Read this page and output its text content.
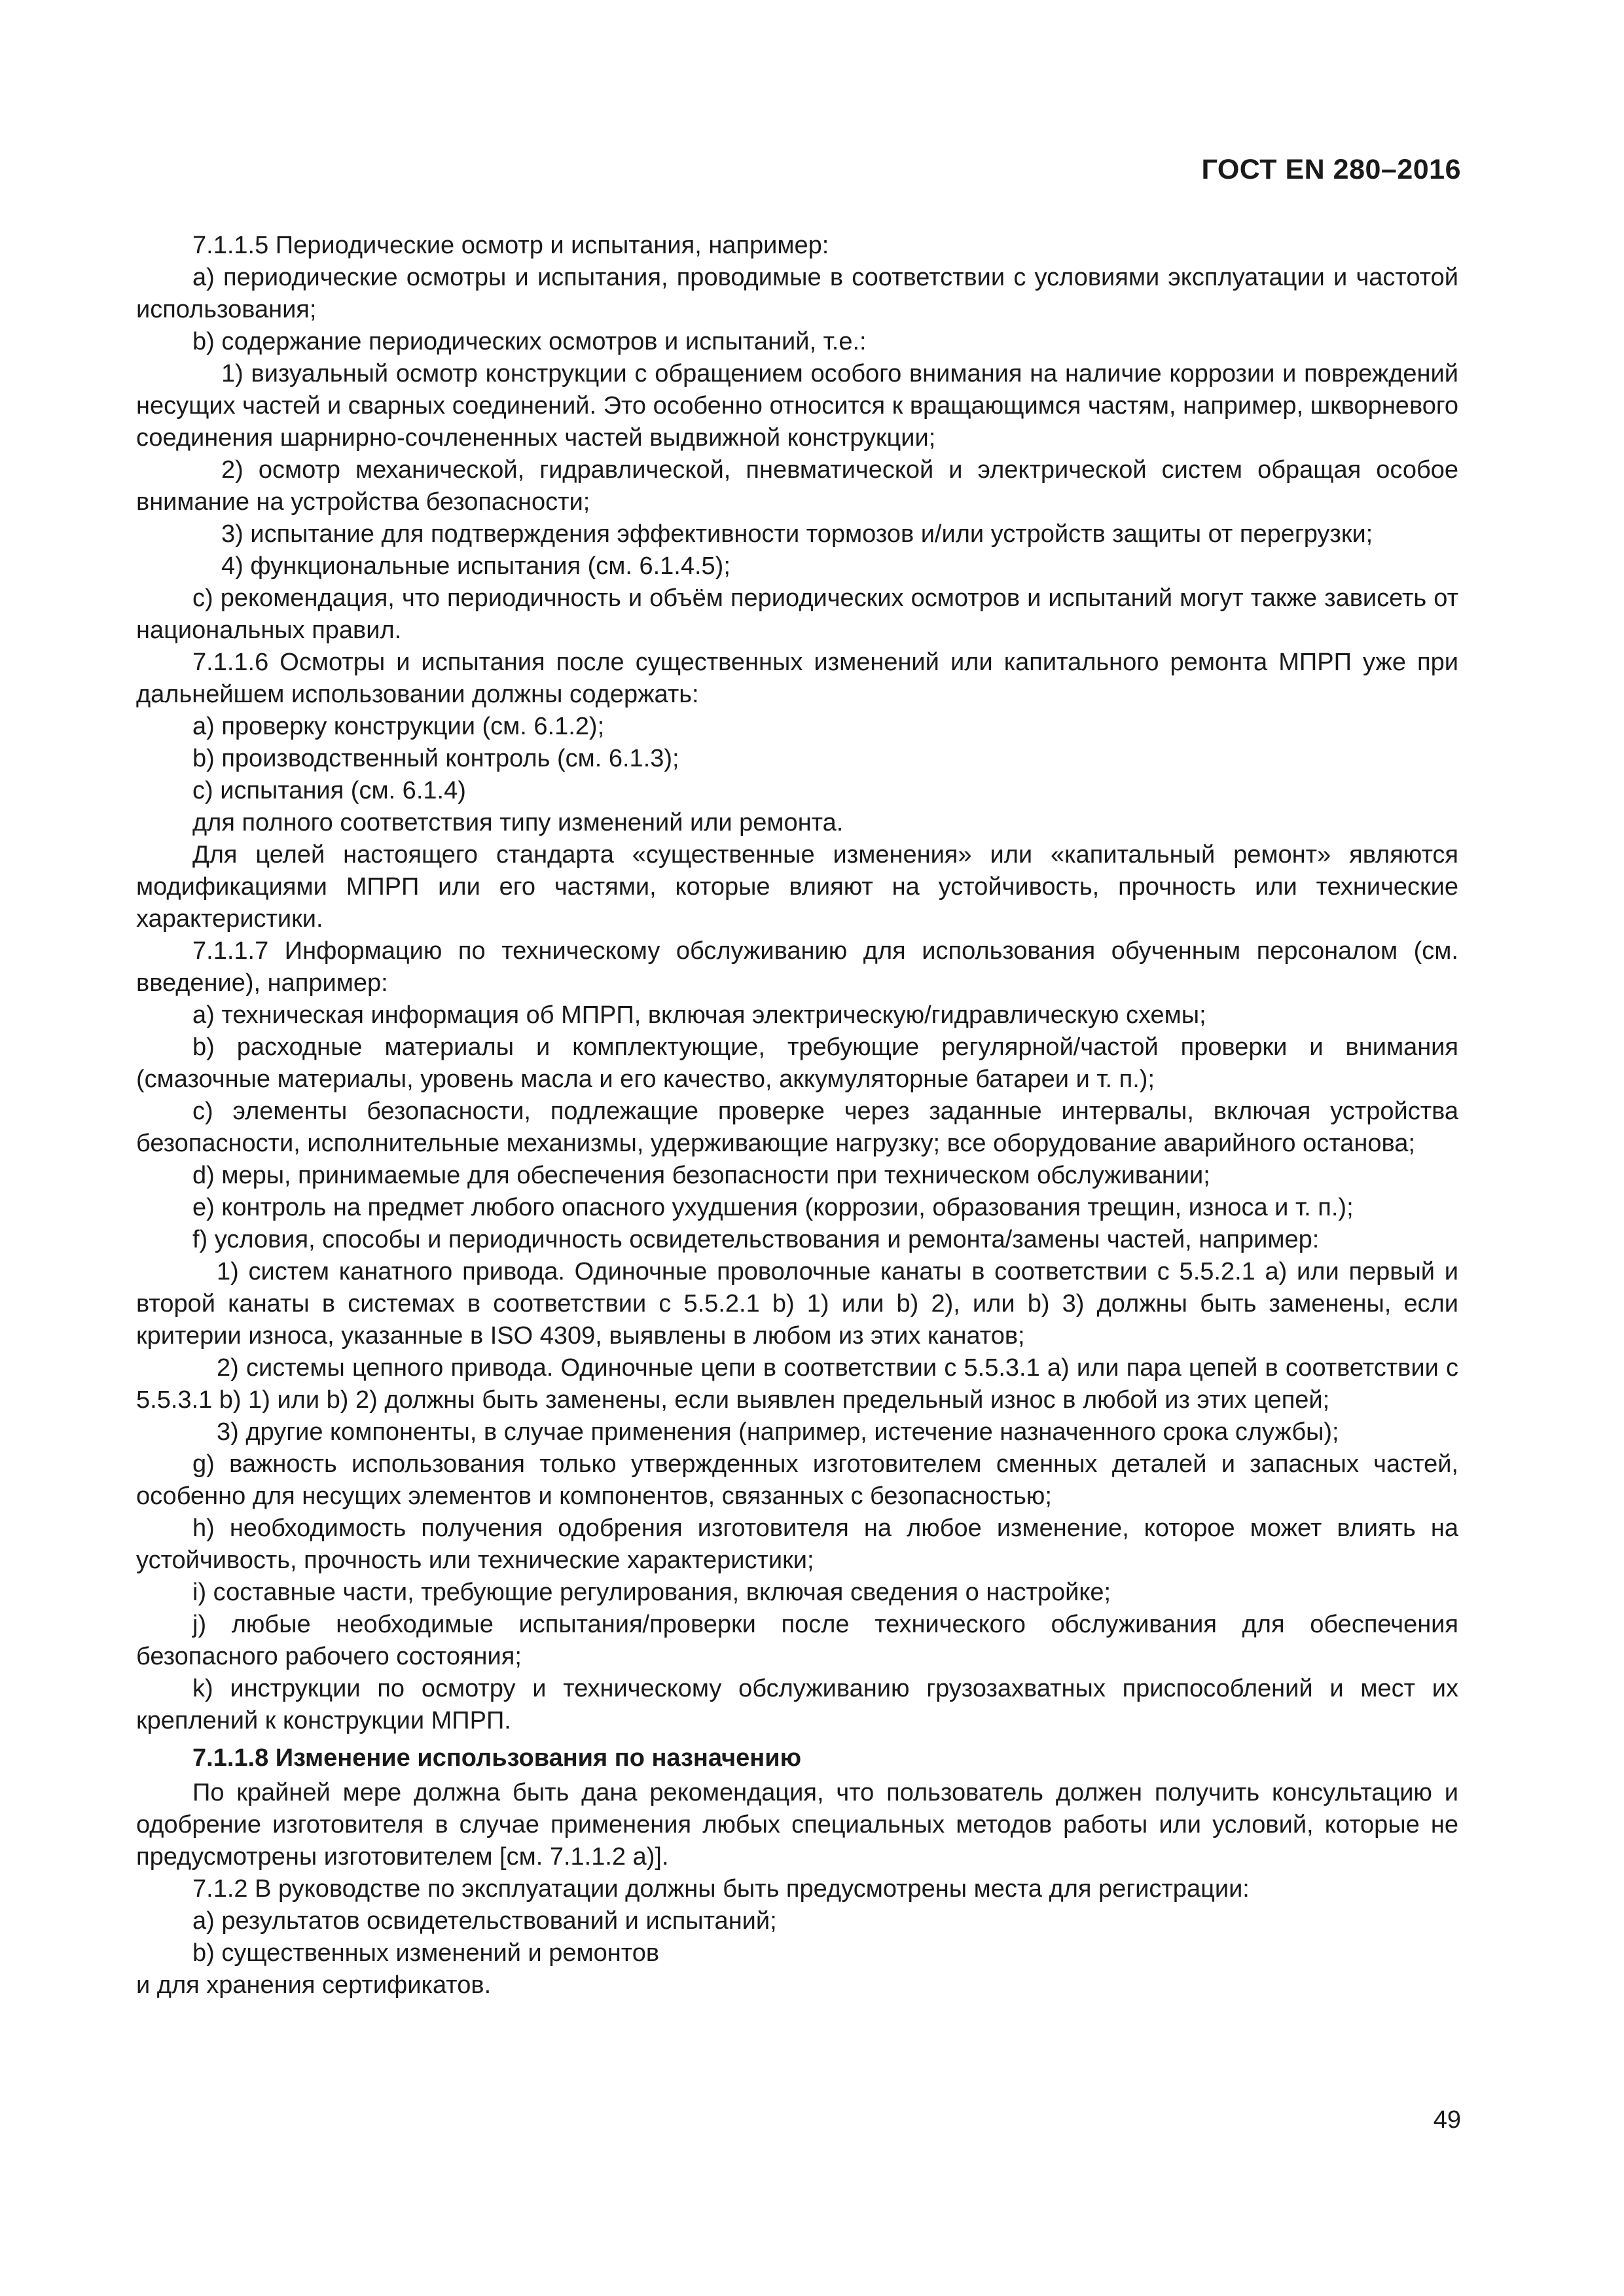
ГОСТ EN 280–2016

7.1.1.5 Периодические осмотр и испытания, например:

а) периодические осмотры и испытания, проводимые в соответствии с условиями эксплуатации и частотой использования;

b) содержание периодических осмотров и испытаний, т.е.:

1) визуальный осмотр конструкции с обращением особого внимания на наличие коррозии и повреждений несущих частей и сварных соединений. Это особенно относится к вращающимся частям, например, шкворневого соединения шарнирно-сочлененных частей выдвижной конструкции;

2) осмотр механической, гидравлической, пневматической и электрической систем обращая особое внимание на устройства безопасности;

3) испытание для подтверждения эффективности тормозов и/или устройств защиты от перегрузки;

4) функциональные испытания (см. 6.1.4.5);

с) рекомендация, что периодичность и объём периодических осмотров и испытаний могут также зависеть от национальных правил.

7.1.1.6 Осмотры и испытания после существенных изменений или капитального ремонта МПРП уже при дальнейшем использовании должны содержать:

а) проверку конструкции (см. 6.1.2);

b) производственный контроль (см. 6.1.3);

c) испытания (см. 6.1.4)

для полного соответствия типу изменений или ремонта.

Для целей настоящего стандарта «существенные изменения» или «капитальный ремонт» являются модификациями МПРП или его частями, которые влияют на устойчивость, прочность или технические характеристики.

7.1.1.7 Информацию по техническому обслуживанию для использования обученным персоналом (см. введение), например:

а) техническая информация об МПРП, включая электрическую/гидравлическую схемы;

b) расходные материалы и комплектующие, требующие регулярной/частой проверки и внимания (смазочные материалы, уровень масла и его качество, аккумуляторные батареи и т. п.);

с) элементы безопасности, подлежащие проверке через заданные интервалы, включая устройства безопасности, исполнительные механизмы, удерживающие нагрузку; все оборудование аварийного останова;

d) меры, принимаемые для обеспечения безопасности при техническом обслуживании;

е) контроль на предмет любого опасного ухудшения (коррозии, образования трещин, износа и т. п.);

f) условия, способы и периодичность освидетельствования и ремонта/замены частей, например:

1) систем канатного привода. Одиночные проволочные канаты в соответствии с 5.5.2.1 а) или первый и второй канаты в системах в соответствии с 5.5.2.1 b) 1) или b) 2), или b) 3) должны быть заменены, если критерии износа, указанные в ISO 4309, выявлены в любом из этих канатов;

2) системы цепного привода. Одиночные цепи в соответствии с 5.5.3.1 а) или пара цепей в соответствии с 5.5.3.1 b) 1) или b) 2) должны быть заменены, если выявлен предельный износ в любой из этих цепей;

3) другие компоненты, в случае применения (например, истечение назначенного срока службы);

g) важность использования только утвержденных изготовителем сменных деталей и запасных частей, особенно для несущих элементов и компонентов, связанных с безопасностью;

h) необходимость получения одобрения изготовителя на любое изменение, которое может влиять на устойчивость, прочность или технические характеристики;

i) составные части, требующие регулирования, включая сведения о настройке;

j) любые необходимые испытания/проверки после технического обслуживания для обеспечения безопасного рабочего состояния;

k) инструкции по осмотру и техническому обслуживанию грузозахватных приспособлений и мест их креплений к конструкции МПРП.

7.1.1.8 Изменение использования по назначению

По крайней мере должна быть дана рекомендация, что пользователь должен получить консультацию и одобрение изготовителя в случае применения любых специальных методов работы или условий, которые не предусмотрены изготовителем [см. 7.1.1.2 а)].

7.1.2 В руководстве по эксплуатации должны быть предусмотрены места для регистрации:

а) результатов освидетельствований и испытаний;

b) существенных изменений и ремонтов

и для хранения сертификатов.

49
